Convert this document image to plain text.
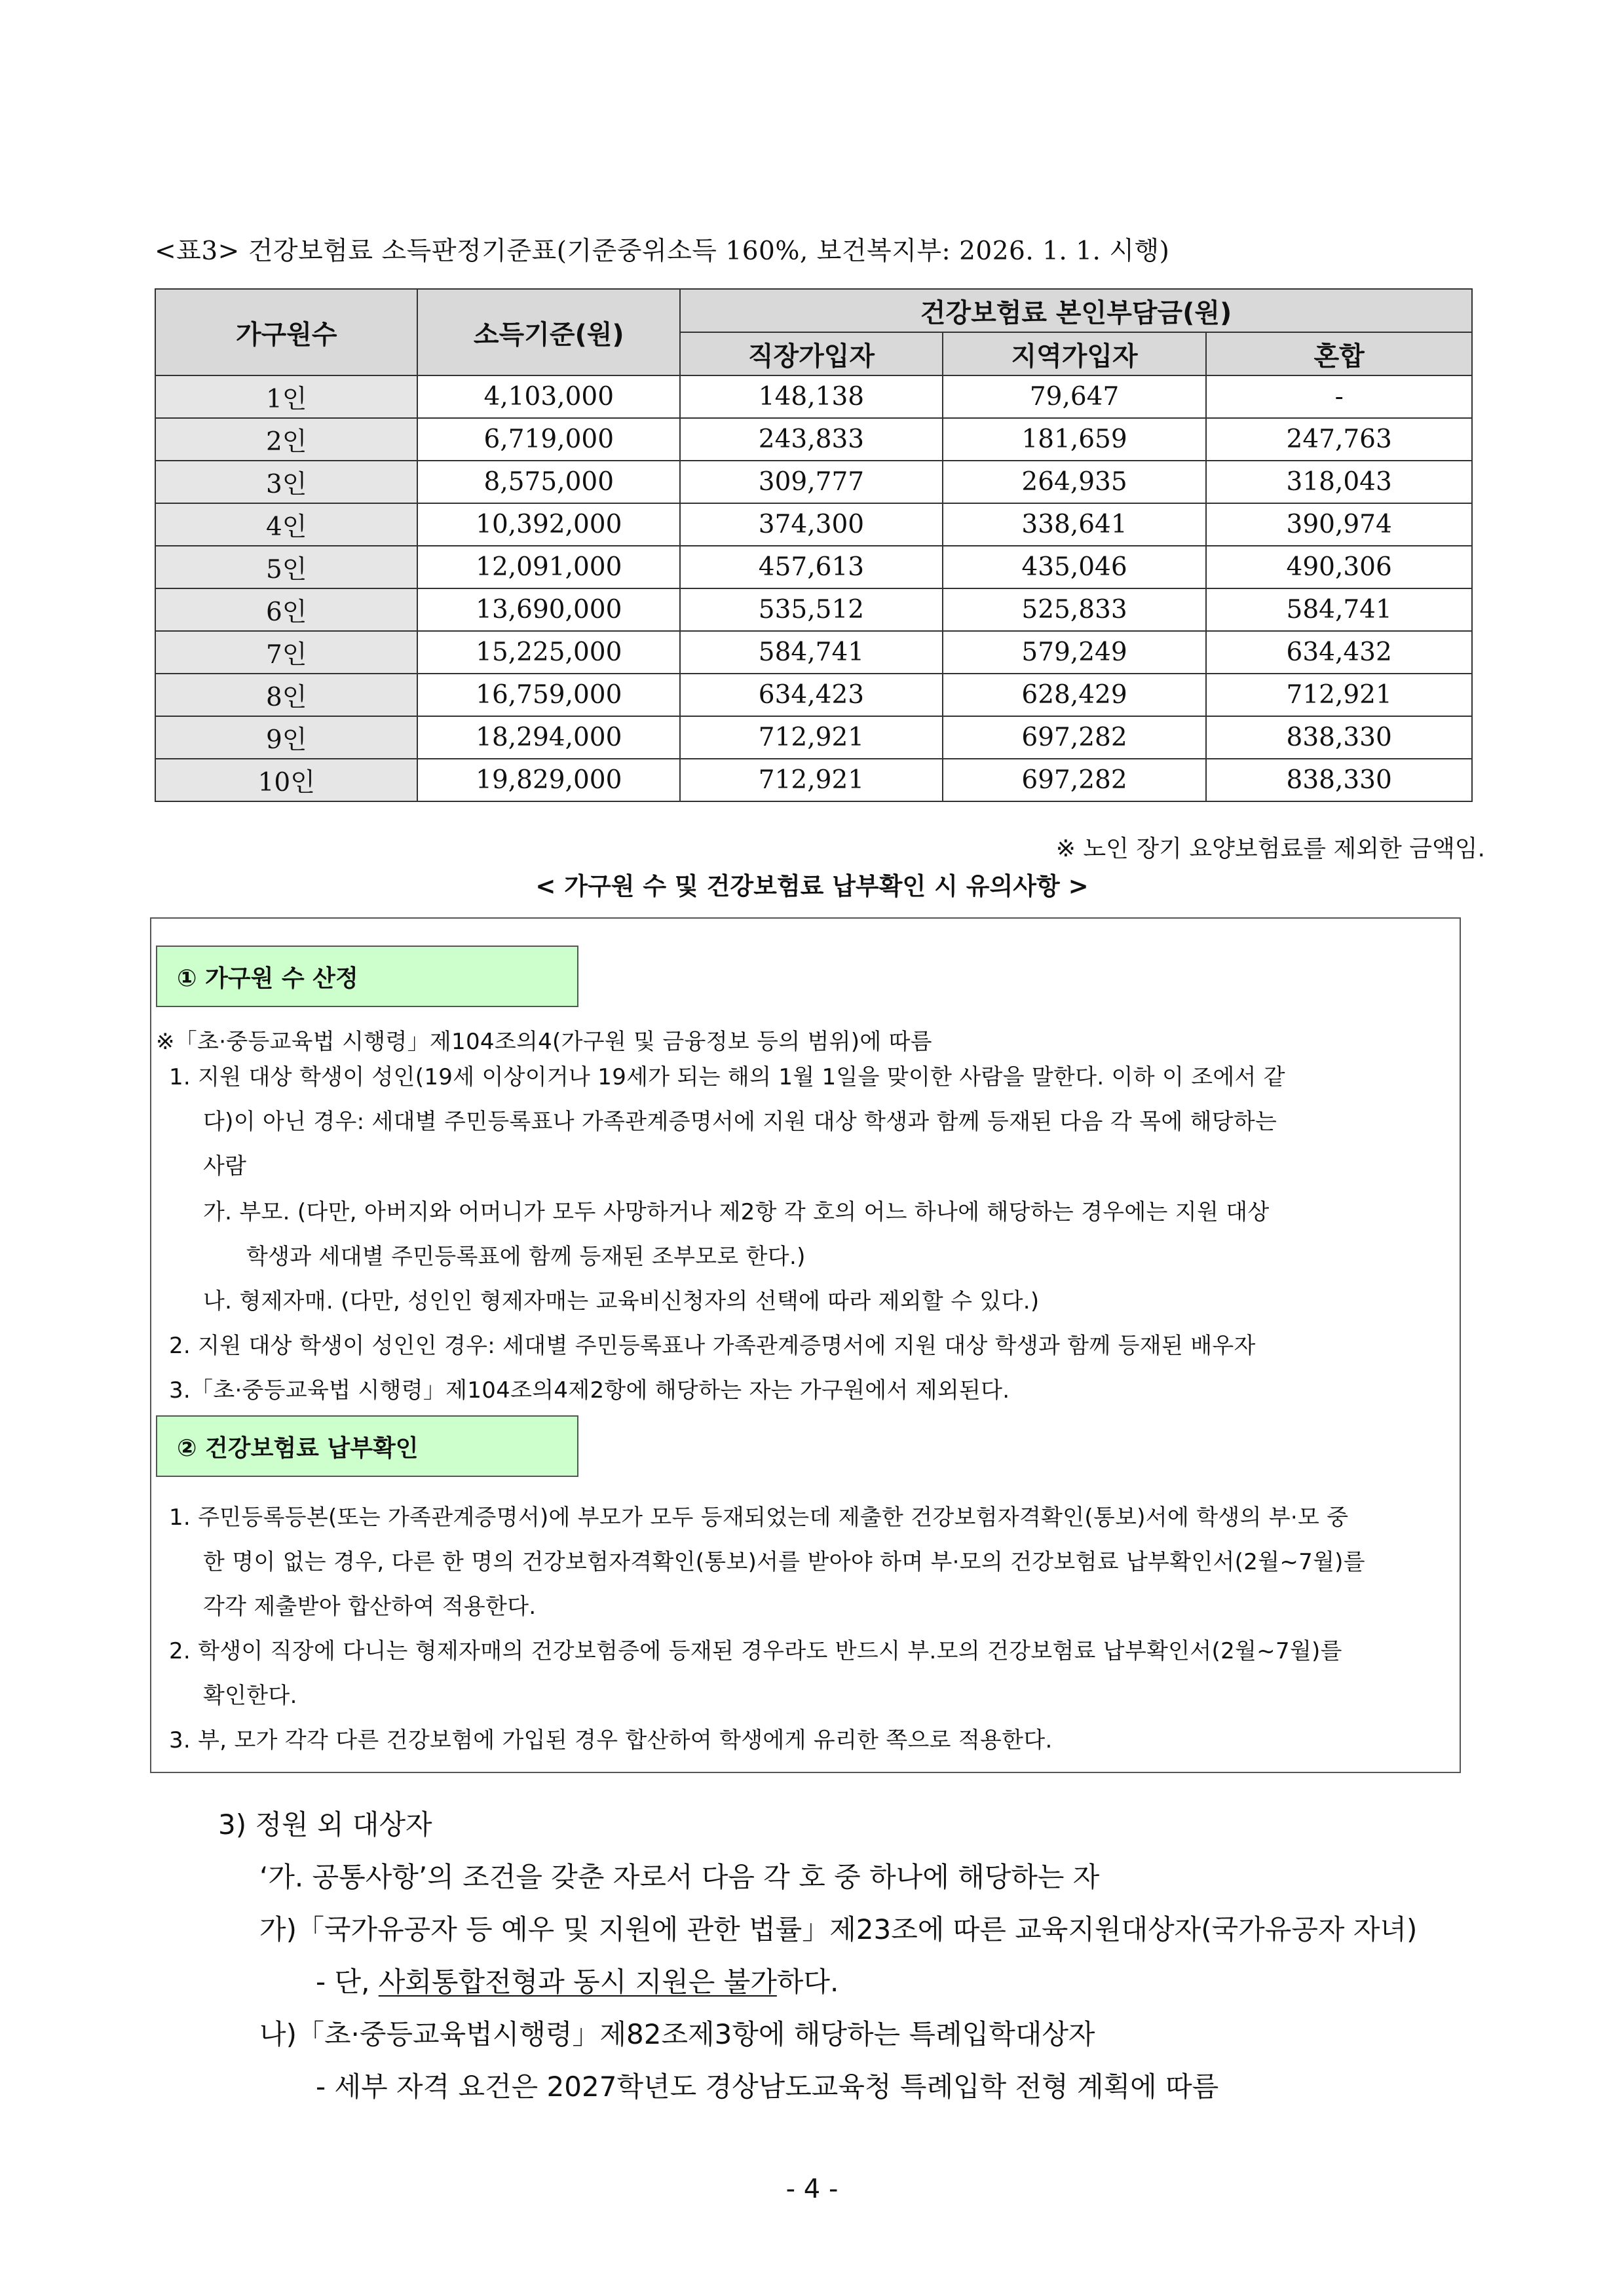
<표3> 건강보험료 소득판정기준표(기준중위소득 160%, 보건복지부: 2026. 1. 1. 시행)
가구원수	소득기준(원)	건강보험료 본인부담금(원)		
		직장가입자	지역가입자	혼합
1인	4,103,000	148,138	79,647	-
2인	6,719,000	243,833	181,659	247,763
3인	8,575,000	309,777	264,935	318,043
4인	10,392,000	374,300	338,641	390,974
5인	12,091,000	457,613	435,046	490,306
6인	13,690,000	535,512	525,833	584,741
7인	15,225,000	584,741	579,249	634,432
8인	16,759,000	634,423	628,429	712,921
9인	18,294,000	712,921	697,282	838,330
10인	19,829,000	712,921	697,282	838,330
※ 노인 장기 요양보험료를 제외한 금액임.
< 가구원 수 및 건강보험료 납부확인 시 유의사항 >
① 가구원 수 산정
※「초·중등교육법 시행령」제104조의4(가구원 및 금융정보 등의 범위)에 따름
1. 지원 대상 학생이 성인(19세 이상이거나 19세가 되는 해의 1월 1일을 맞이한 사람을 말한다. 이하 이 조에서 같
다)이 아닌 경우: 세대별 주민등록표나 가족관계증명서에 지원 대상 학생과 함께 등재된 다음 각 목에 해당하는
사람
가. 부모. (다만, 아버지와 어머니가 모두 사망하거나 제2항 각 호의 어느 하나에 해당하는 경우에는 지원 대상
학생과 세대별 주민등록표에 함께 등재된 조부모로 한다.)
나. 형제자매. (다만, 성인인 형제자매는 교육비신청자의 선택에 따라 제외할 수 있다.)
2. 지원 대상 학생이 성인인 경우: 세대별 주민등록표나 가족관계증명서에 지원 대상 학생과 함께 등재된 배우자
3.「초·중등교육법 시행령」제104조의4제2항에 해당하는 자는 가구원에서 제외된다.
② 건강보험료 납부확인
1. 주민등록등본(또는 가족관계증명서)에 부모가 모두 등재되었는데 제출한 건강보험자격확인(통보)서에 학생의 부·모 중
한 명이 없는 경우, 다른 한 명의 건강보험자격확인(통보)서를 받아야 하며 부·모의 건강보험료 납부확인서(2월~7월)를
각각 제출받아 합산하여 적용한다.
2. 학생이 직장에 다니는 형제자매의 건강보험증에 등재된 경우라도 반드시 부.모의 건강보험료 납부확인서(2월~7월)를
확인한다.
3. 부, 모가 각각 다른 건강보험에 가입된 경우 합산하여 학생에게 유리한 쪽으로 적용한다.
3) 정원 외 대상자
‘가. 공통사항’의 조건을 갖춘 자로서 다음 각 호 중 하나에 해당하는 자
가)「국가유공자 등 예우 및 지원에 관한 법률」제23조에 따른 교육지원대상자(국가유공자 자녀)
- 단, 사회통합전형과 동시 지원은 불가하다.
나)「초·중등교육법시행령」제82조제3항에 해당하는 특례입학대상자
- 세부 자격 요건은 2027학년도 경상남도교육청 특례입학 전형 계획에 따름
- 4 -
